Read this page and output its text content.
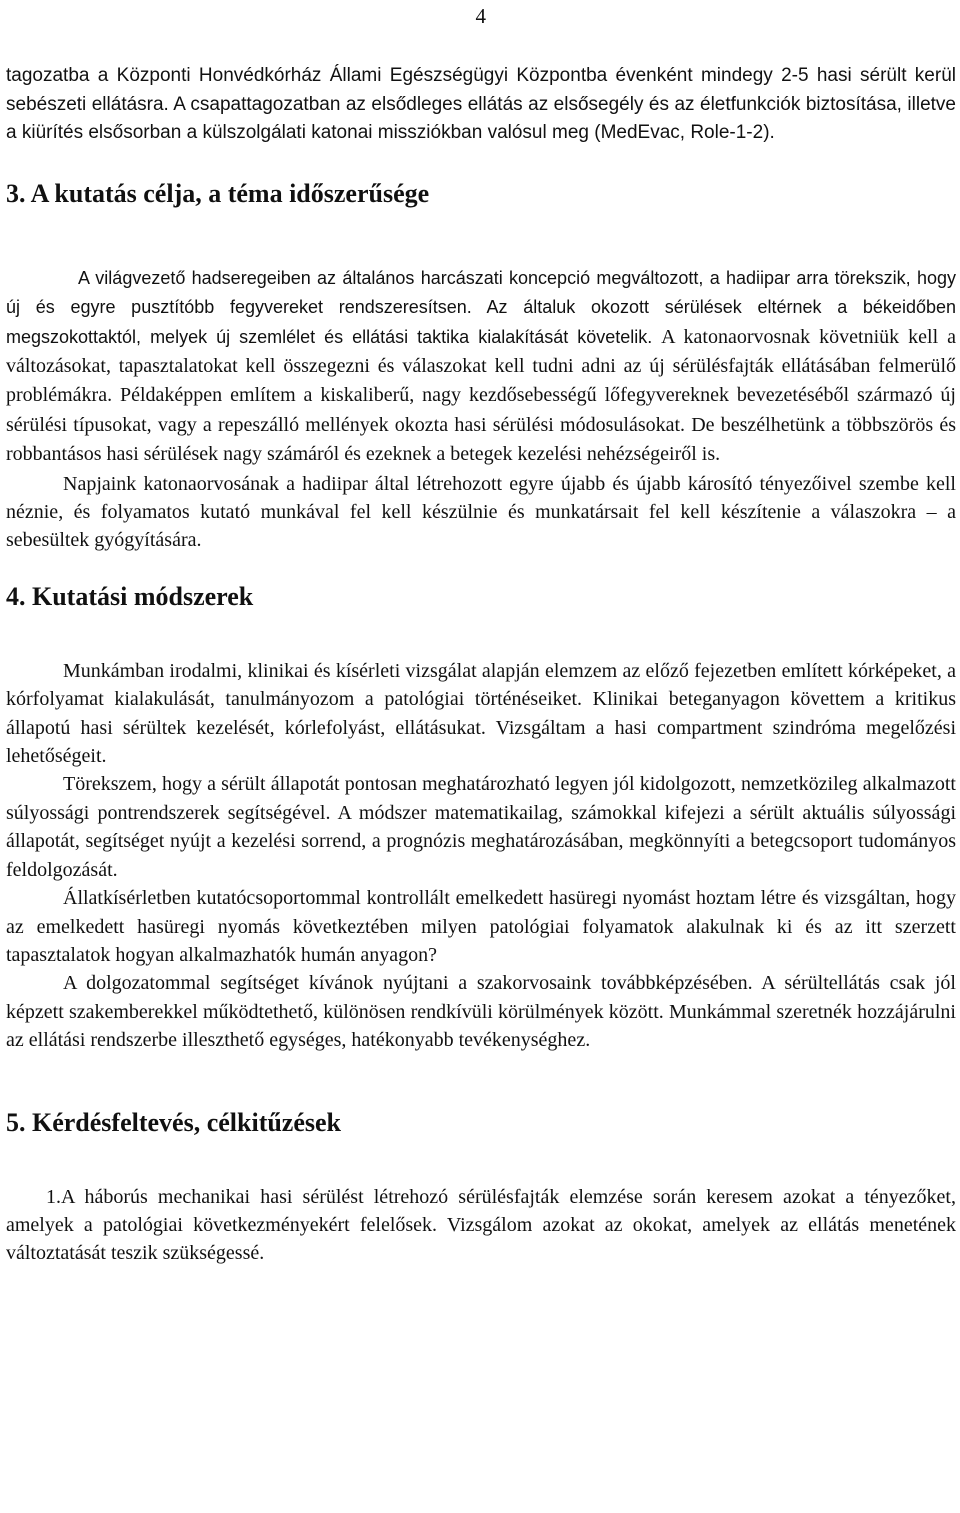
4

tagozatba a Központi Honvédkórház Állami Egészségügyi Központba évenként mindegy 2-5 hasi sérült kerül sebészeti ellátásra. A csapattagozatban az elsődleges ellátás az elsősegély és az életfunkciók biztosítása, illetve a kiürítés elsősorban a külszolgálati katonai missziókban valósul meg (MedEvac, Role-1-2).

3. A kutatás célja, a téma időszerűsége

A világvezető hadseregeiben az általános harcászati koncepció megváltozott, a hadiipar arra törekszik, hogy új és egyre pusztítóbb fegyvereket rendszeresítsen. Az általuk okozott sérülések eltérnek a békeidőben megszokottaktól, melyek új szemlélet és ellátási taktika kialakítását követelik. A katonaorvosnak követniük kell a változásokat, tapasztalatokat kell összegezni és válaszokat kell tudni adni az új sérülésfajták ellátásában felmerülő problémákra. Példaképpen említem a kiskaliberű, nagy kezdősebességű lőfegyvereknek bevezetéséből származó új sérülési típusokat, vagy a repeszálló mellények okozta hasi sérülési módosulásokat. De beszélhetünk a többszörös és robbantásos hasi sérülések nagy számáról és ezeknek a betegek kezelési nehézségeiről is.

Napjaink katonaorvosának a hadiipar által létrehozott egyre újabb és újabb károsító tényezőivel szembe kell néznie, és folyamatos kutató munkával fel kell készülnie és munkatársait fel kell készítenie a válaszokra – a sebesültek gyógyítására.

4. Kutatási módszerek

Munkámban irodalmi, klinikai és kísérleti vizsgálat alapján elemzem az előző fejezetben említett kórképeket, a kórfolyamat kialakulását, tanulmányozom a patológiai történéseiket. Klinikai beteganyagon követtem a kritikus állapotú hasi sérültek kezelését, kórlefolyást, ellátásukat. Vizsgáltam a hasi compartment szindróma megelőzési lehetőségeit.

Törekszem, hogy a sérült állapotát pontosan meghatározható legyen jól kidolgozott, nemzetközileg alkalmazott súlyossági pontrendszerek segítségével. A módszer matematikailag, számokkal kifejezi a sérült aktuális súlyossági állapotát, segítséget nyújt a kezelési sorrend, a prognózis meghatározásában, megkönnyíti a betegcsoport tudományos feldolgozását.

Állatkísérletben kutatócsoportommal kontrollált emelkedett hasüregi nyomást hoztam létre és vizsgáltan, hogy az emelkedett hasüregi nyomás következtében milyen patológiai folyamatok alakulnak ki és az itt szerzett tapasztalatok hogyan alkalmazhatók humán anyagon?

A dolgozatommal segítséget kívánok nyújtani a szakorvosaink továbbképzésében. A sérültellátás csak jól képzett szakemberekkel működtethető, különösen rendkívüli körülmények között. Munkámmal szeretnék hozzájárulni az ellátási rendszerbe illeszthető egységes, hatékonyabb tevékenységhez.

5. Kérdésfeltevés, célkitűzések

1.A háborús mechanikai hasi sérülést létrehozó sérülésfajták elemzése során keresem azokat a tényezőket, amelyek a patológiai következményekért felelősek. Vizsgálom azokat az okokat, amelyek az ellátás menetének változtatását teszik szükségessé.
